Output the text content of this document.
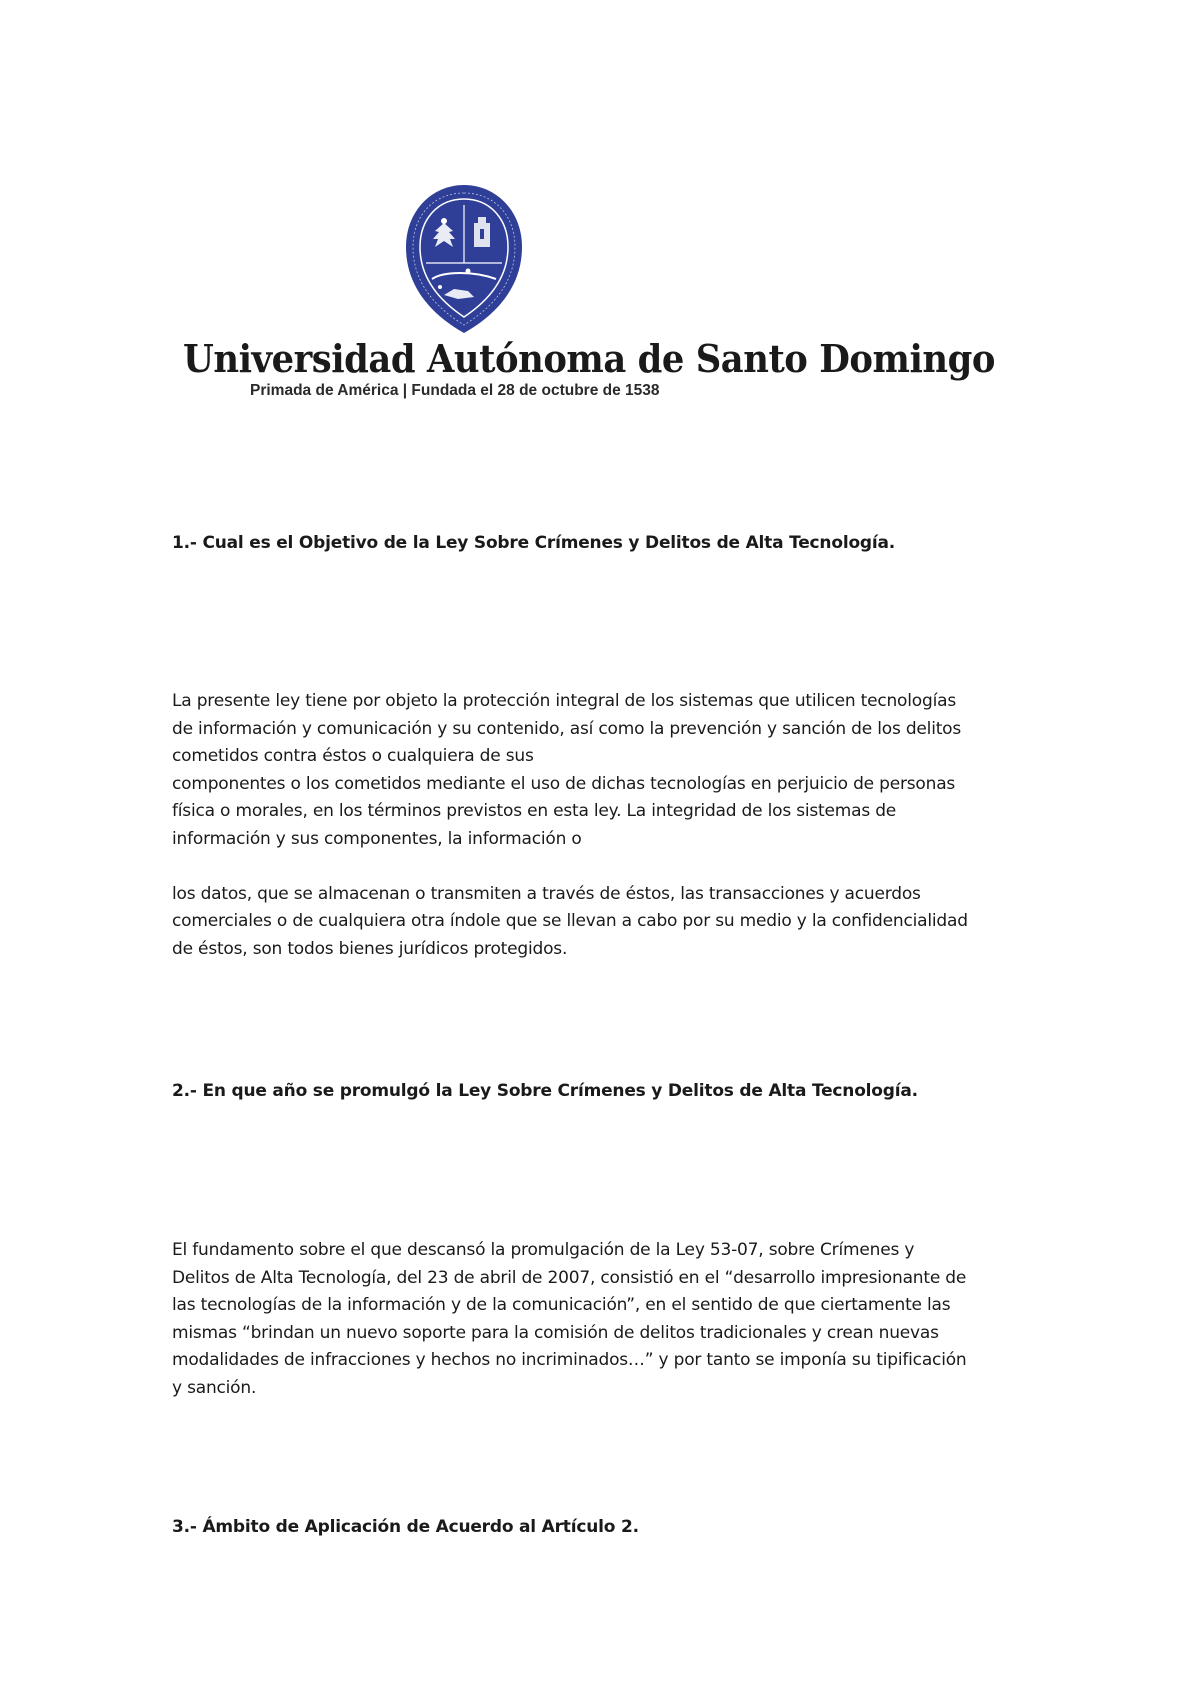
Universidad Autónoma de Santo Domingo
Primada de América | Fundada el 28 de octubre de 1538
1.- Cual es el Objetivo de la Ley Sobre Crímenes y Delitos de Alta Tecnología.
La presente ley tiene por objeto la protección integral de los sistemas que utilicen tecnologías
de información y comunicación y su contenido, así como la prevención y sanción de los delitos
cometidos contra éstos o cualquiera de sus
componentes o los cometidos mediante el uso de dichas tecnologías en perjuicio de personas
física o morales, en los términos previstos en esta ley. La integridad de los sistemas de
información y sus componentes, la información o

los datos, que se almacenan o transmiten a través de éstos, las transacciones y acuerdos
comerciales o de cualquiera otra índole que se llevan a cabo por su medio y la confidencialidad
de éstos, son todos bienes jurídicos protegidos.
2.- En que año se promulgó la Ley Sobre Crímenes y Delitos de Alta Tecnología.
El fundamento sobre el que descansó la promulgación de la Ley 53-07, sobre Crímenes y
Delitos de Alta Tecnología, del 23 de abril de 2007, consistió en el “desarrollo impresionante de
las tecnologías de la información y de la comunicación”, en el sentido de que ciertamente las
mismas “brindan un nuevo soporte para la comisión de delitos tradicionales y crean nuevas
modalidades de infracciones y hechos no incriminados…” y por tanto se imponía su tipificación
y sanción.
3.- Ámbito de Aplicación de Acuerdo al Artículo 2.
